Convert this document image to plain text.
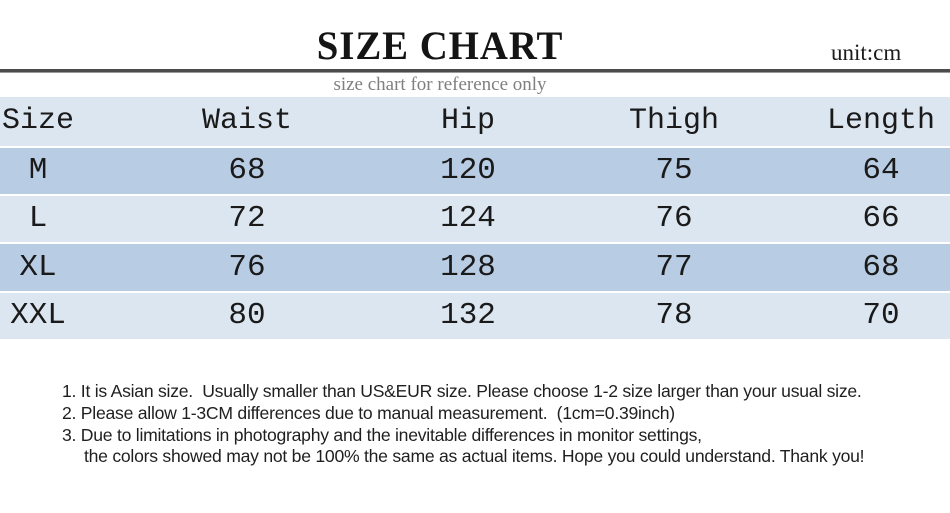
SIZE CHART	unit:cm
size chart for reference only
Size	Waist	Hip	Thigh	Length
M	68	120	75	64
L	72	124	76	66
XL	76	128	77	68
XXL	80	132	78	70
1. It is Asian size.  Usually smaller than US&EUR size. Please choose 1-2 size larger than your usual size.
2. Please allow 1-3CM differences due to manual measurement.  (1cm=0.39inch)
3. Due to limitations in photography and the inevitable differences in monitor settings,
the colors showed may not be 100% the same as actual items. Hope you could understand. Thank you!
